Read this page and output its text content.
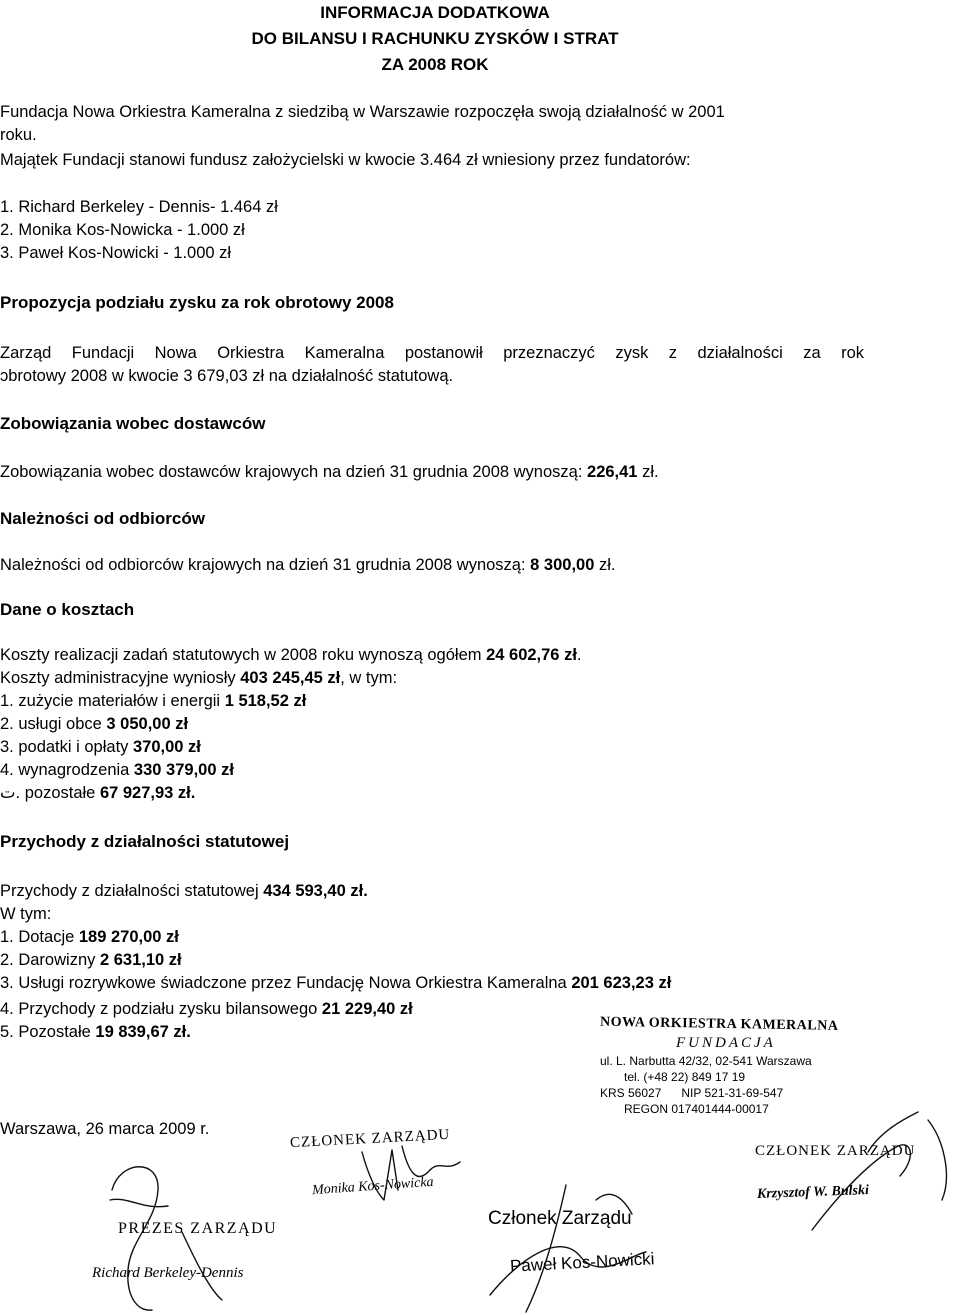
INFORMACJA DODATKOWA
DO BILANSU I RACHUNKU ZYSKÓW I STRAT
ZA 2008 ROK
Fundacja Nowa Orkiestra Kameralna z siedzibą w Warszawie rozpoczęła swoją działalność w 2001
roku.
Majątek Fundacji stanowi fundusz założycielski w kwocie 3.464 zł wniesiony przez fundatorów:
1. Richard Berkeley - Dennis- 1.464 zł
2. Monika Kos-Nowicka - 1.000 zł
3. Paweł Kos-Nowicki - 1.000 zł
Propozycja podziału zysku za rok obrotowy 2008
Zarząd Fundacji Nowa Orkiestra Kameralna postanowił przeznaczyć zysk z działalności za rok
ᴐbrotowy 2008 w kwocie 3 679,03 zł na działalność statutową.
Zobowiązania wobec dostawców
Zobowiązania wobec dostawców krajowych na dzień 31 grudnia 2008 wynoszą: 226,41 zł.
Należności od odbiorców
Należności od odbiorców krajowych na dzień 31 grudnia 2008 wynoszą: 8 300,00 zł.
Dane o kosztach
Koszty realizacji zadań statutowych w 2008 roku wynoszą ogółem 24 602,76 zł.
Koszty administracyjne wyniosły 403 245,45 zł, w tym:
1. zużycie materiałów i energii 1 518,52 zł
2. usługi obce 3 050,00 zł
3. podatki i opłaty 370,00 zł
4. wynagrodzenia 330 379,00 zł
ت. pozostałe 67 927,93 zł.
Przychody z działalności statutowej
Przychody z działalności statutowej 434 593,40 zł.
W tym:
1. Dotacje 189 270,00 zł
2. Darowizny 2 631,10 zł
3. Usługi rozrywkowe świadczone przez Fundację Nowa Orkiestra Kameralna 201 623,23 zł
4. Przychody z podziału zysku bilansowego 21 229,40 zł
5. Pozostałe 19 839,67 zł.
Warszawa, 26 marca 2009 r.
NOWA ORKIESTRA KAMERALNA
FUNDACJA
ul. L. Narbutta 42/32, 02-541 Warszawa
tel. (+48 22) 849 17 19
KRS 56027      NIP 521-31-69-547
REGON 017401444-00017
CZŁONEK ZARZĄDU
Monika Kos-Nowicka
CZŁONEK ZARZĄDU
Krzysztof W. Bulski
PREZES ZARZĄDU
Richard Berkeley-Dennis
Członek Zarządu
Paweł Kos-Nowicki
